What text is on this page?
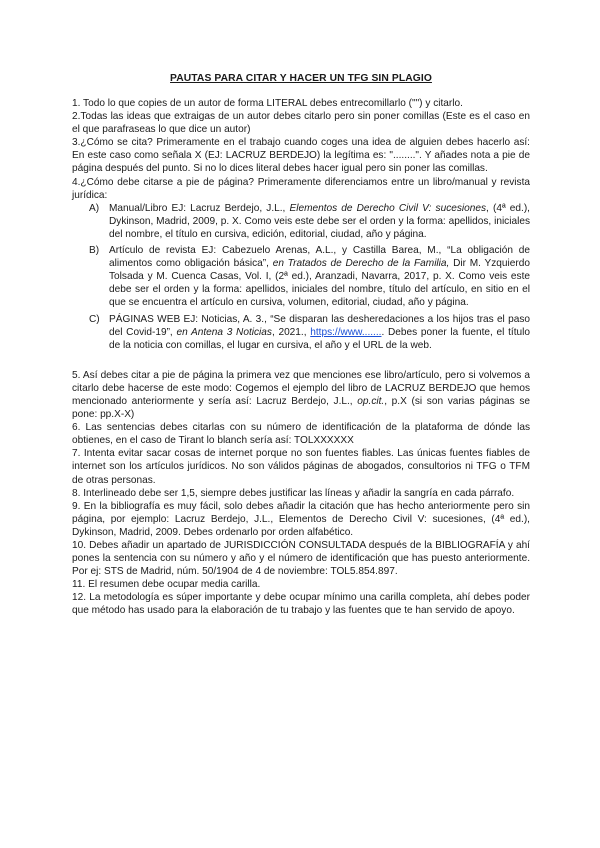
PAUTAS PARA CITAR Y HACER UN TFG SIN PLAGIO

1. Todo lo que copies de un autor de forma LITERAL debes entrecomillarlo ("") y citarlo.

2.Todas las ideas que extraigas de un autor debes citarlo pero sin poner comillas (Este es el caso en el que parafraseas lo que dice un autor)

3.¿Cómo se cita? Primeramente en el trabajo cuando coges una idea de alguien debes hacerlo así: En este caso como señala X (EJ: LACRUZ BERDEJO) la legítima es: "........". Y añades nota a pie de página después del punto. Si no lo dices literal debes hacer igual pero sin poner las comillas.

4.¿Cómo debe citarse a pie de página? Primeramente diferenciamos entre un libro/manual y revista jurídica:

A) Manual/Libro EJ: Lacruz Berdejo, J.L., Elementos de Derecho Civil V: sucesiones, (4ª ed.), Dykinson, Madrid, 2009, p. X. Como veis este debe ser el orden y la forma: apellidos, iniciales del nombre, el título en cursiva, edición, editorial, ciudad, año y página.
B) Artículo de revista EJ: Cabezuelo Arenas, A.L., y Castilla Barea, M., “La obligación de alimentos como obligación básica”, en Tratados de Derecho de la Familia, Dir M. Yzquierdo Tolsada y M. Cuenca Casas, Vol. I, (2ª ed.), Aranzadi, Navarra, 2017, p. X. Como veis este debe ser el orden y la forma: apellidos, iniciales del nombre, título del artículo, en sitio en el que se encuentra el artículo en cursiva, volumen, editorial, ciudad, año y página.
C) PÁGINAS WEB EJ: Noticias, A. 3., “Se disparan las desheredaciones a los hijos tras el paso del Covid-19”, en Antena 3 Noticias, 2021., https://www........ Debes poner la fuente, el título de la noticia con comillas, el lugar en cursiva, el año y el URL de la web.

5. Así debes citar a pie de página la primera vez que menciones ese libro/artículo, pero si volvemos a citarlo debe hacerse de este modo: Cogemos el ejemplo del libro de LACRUZ BERDEJO que hemos mencionado anteriormente y sería así: Lacruz Berdejo, J.L., op.cit., p.X (si son varias páginas se pone: pp.X-X)

6. Las sentencias debes citarlas con su número de identificación de la plataforma de dónde las obtienes, en el caso de Tirant lo blanch sería así: TOLXXXXXX

7. Intenta evitar sacar cosas de internet porque no son fuentes fiables. Las únicas fuentes fiables de internet son los artículos jurídicos. No son válidos páginas de abogados, consultorios ni TFG o TFM de otras personas.

8. Interlineado debe ser 1,5, siempre debes justificar las líneas y añadir la sangría en cada párrafo.

9. En la bibliografía es muy fácil, solo debes añadir la citación que has hecho anteriormente pero sin página, por ejemplo: Lacruz Berdejo, J.L., Elementos de Derecho Civil V: sucesiones, (4ª ed.), Dykinson, Madrid, 2009. Debes ordenarlo por orden alfabético.

10. Debes añadir un apartado de JURISDICCIÓN CONSULTADA después de la BIBLIOGRAFÍA y ahí pones la sentencia con su número y año y el número de identificación que has puesto anteriormente. Por ej: STS de Madrid, núm. 50/1904 de 4 de noviembre: TOL5.854.897.

11. El resumen debe ocupar media carilla.

12. La metodología es súper importante y debe ocupar mínimo una carilla completa, ahí debes poder que método has usado para la elaboración de tu trabajo y las fuentes que te han servido de apoyo.
